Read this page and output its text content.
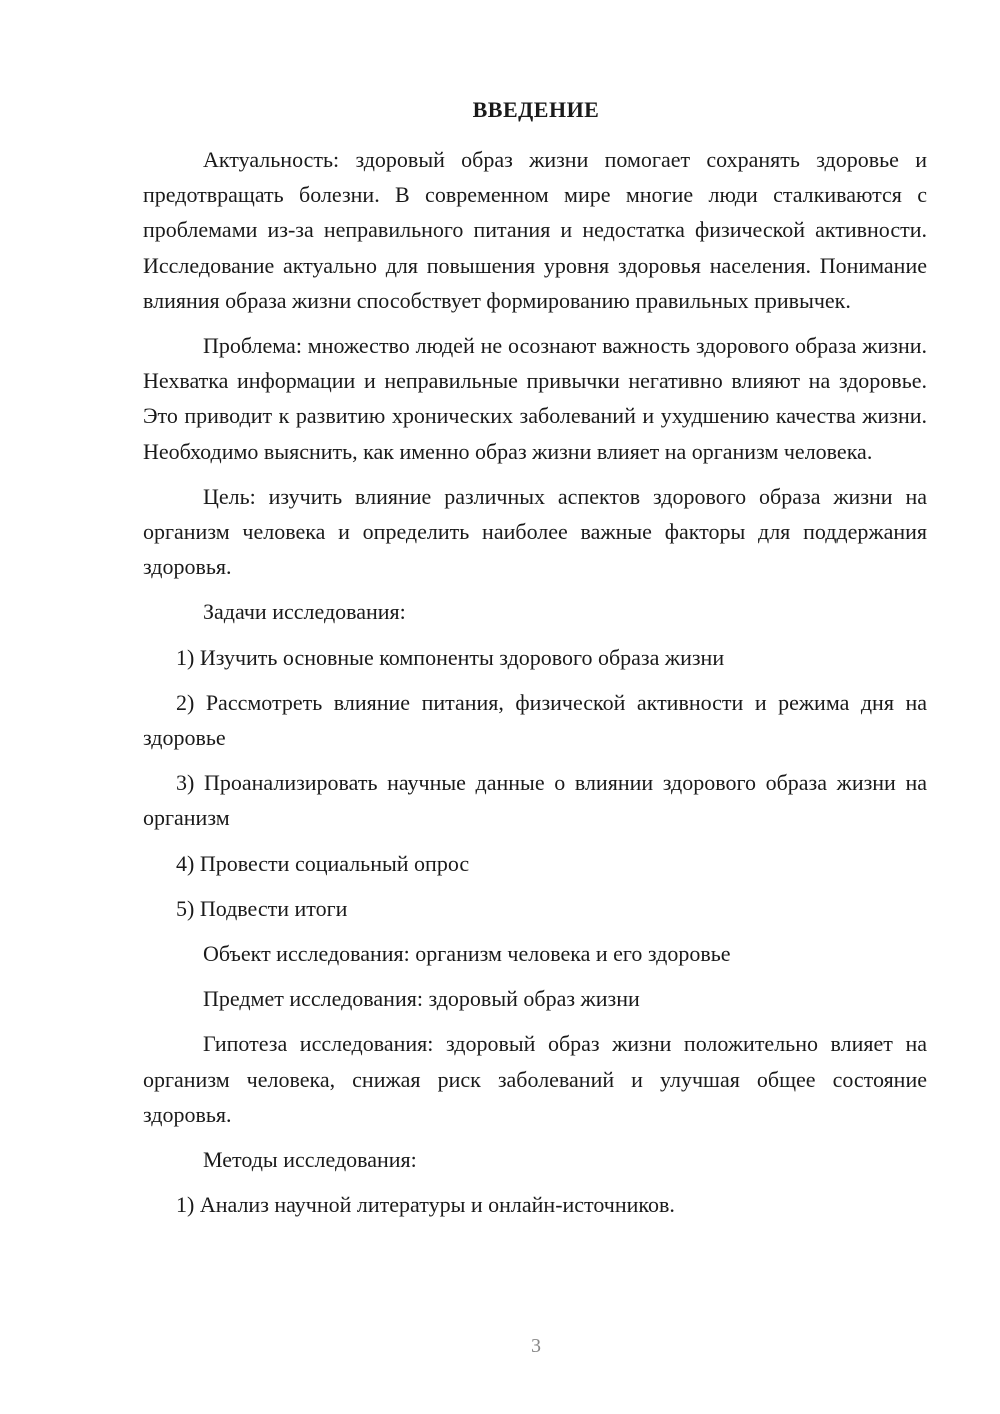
ВВЕДЕНИЕ

Актуальность: здоровый образ жизни помогает сохранять здоровье и предотвращать болезни. В современном мире многие люди сталкиваются с проблемами из-за неправильного питания и недостатка физической активности. Исследование актуально для повышения уровня здоровья населения. Понимание влияния образа жизни способствует формированию правильных привычек.

Проблема: множество людей не осознают важность здорового образа жизни. Нехватка информации и неправильные привычки негативно влияют на здоровье. Это приводит к развитию хронических заболеваний и ухудшению качества жизни. Необходимо выяснить, как именно образ жизни влияет на организм человека.

Цель: изучить влияние различных аспектов здорового образа жизни на организм человека и определить наиболее важные факторы для поддержания здоровья.

Задачи исследования:

1) Изучить основные компоненты здорового образа жизни

2) Рассмотреть влияние питания, физической активности и режима дня на здоровье

3) Проанализировать научные данные о влиянии здорового образа жизни на организм

4) Провести социальный опрос

5) Подвести итоги

Объект исследования: организм человека и его здоровье

Предмет исследования: здоровый образ жизни

Гипотеза исследования: здоровый образ жизни положительно влияет на организм человека, снижая риск заболеваний и улучшая общее состояние здоровья.

Методы исследования:

1) Анализ научной литературы и онлайн-источников.

3
